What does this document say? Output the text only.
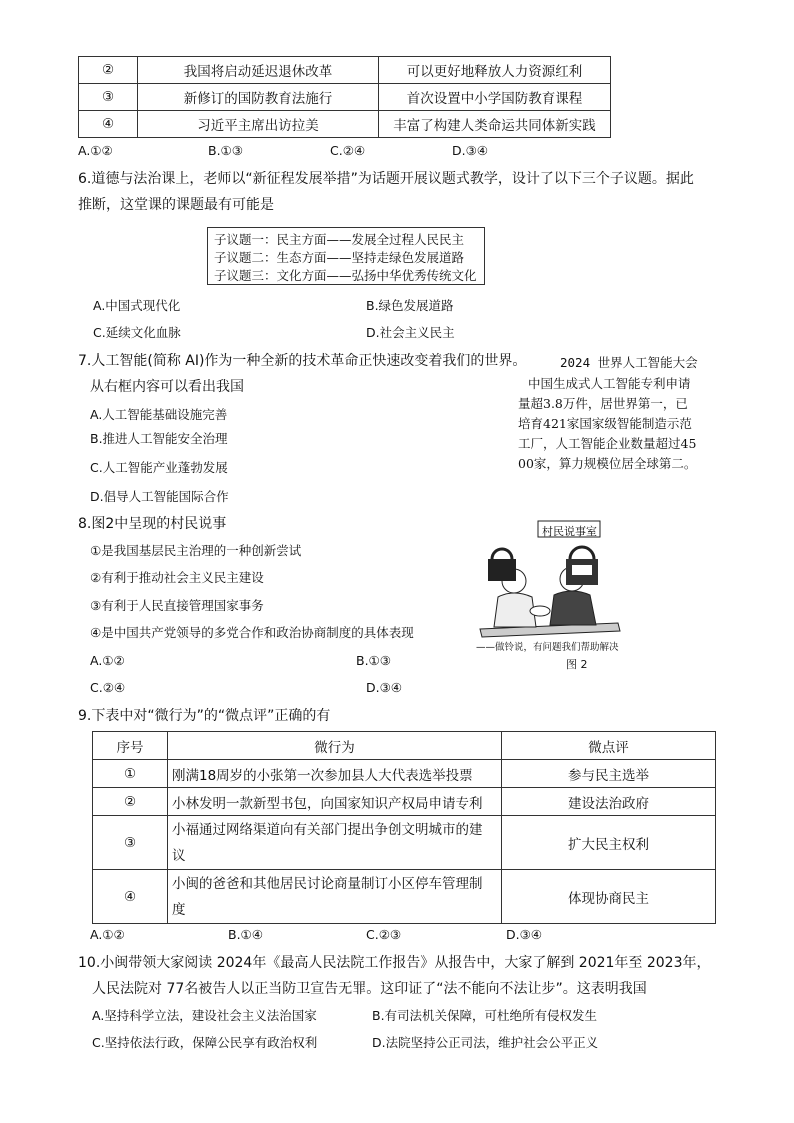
②	我国将启动延迟退休改革	可以更好地释放人力资源红利
③	新修订的国防教育法施行	首次设置中小学国防教育课程
④	习近平主席出访拉美	丰富了构建人类命运共同体新实践
A.①②	B.①③	C.②④	D.③④
6.道德与法治课上，老师以“新征程发展举措”为话题开展议题式教学，设计了以下三个子议题。据此
推断，这堂课的课题最有可能是
子议题一：民主方面——发展全过程人民民主
子议题二：生态方面——坚持走绿色发展道路
子议题三：文化方面——弘扬中华优秀传统文化
A.中国式现代化	B.绿色发展道路
C.延续文化血脉	D.社会主义民主
7.人工智能(简称 AI)作为一种全新的技术革命正快速改变着我们的世界。
从右框内容可以看出我国
2024 世界人工智能大会
中国生成式人工智能专利申请
量超3.8万件，居世界第一，已
培育421家国家级智能制造示范
工厂，人工智能企业数量超过45
00家，算力规模位居全球第二。
A.人工智能基础设施完善
B.推进人工智能安全治理
C.人工智能产业蓬勃发展
D.倡导人工智能国际合作
8.图2中呈现的村民说事
①是我国基层民主治理的一种创新尝试
②有利于推动社会主义民主建设
③有利于人民直接管理国家事务
④是中国共产党领导的多党合作和政治协商制度的具体表现
A.①②	B.①③
C.②④	D.③④
村民说事室
——做铃说，有问题我们帮助解决
图 2
9.下表中对“微行为”的“微点评”正确的有
序号	微行为	微点评
①	刚满18周岁的小张第一次参加县人大代表选举投票	参与民主选举
②	小林发明一款新型书包，向国家知识产权局申请专利	建设法治政府
③	小福通过网络渠道向有关部门提出争创文明城市的建
议	扩大民主权利
④	小闽的爸爸和其他居民讨论商量制订小区停车管理制
度	体现协商民主
A.①②	B.①④	C.②③	D.③④
10.小闽带领大家阅读 2024年《最高人民法院工作报告》从报告中，大家了解到 2021年至 2023年，
人民法院对 77名被告人以正当防卫宣告无罪。这印证了“法不能向不法让步”。这表明我国
A.坚持科学立法，建设社会主义法治国家	B.有司法机关保障，可杜绝所有侵权发生
C.坚持依法行政，保障公民享有政治权利	D.法院坚持公正司法，维护社会公平正义
